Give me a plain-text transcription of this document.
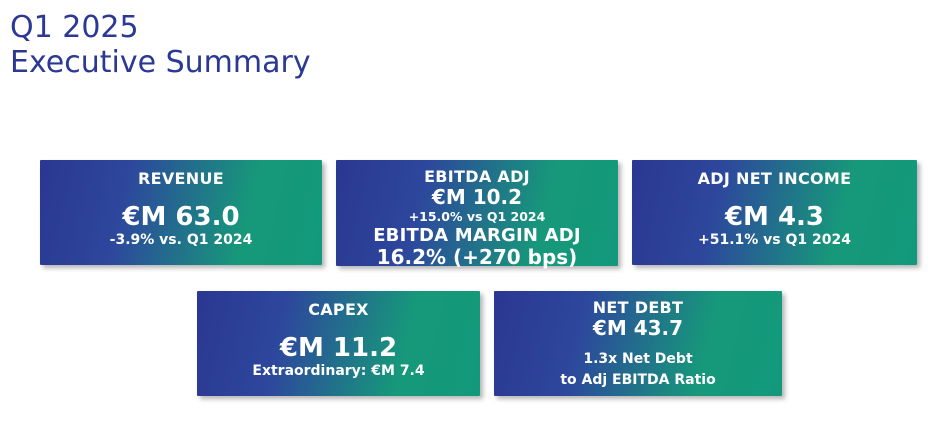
Q1 2025
Executive Summary
REVENUE
€M 63.0
-3.9% vs. Q1 2024
EBITDA ADJ
€M 10.2
+15.0% vs Q1 2024
EBITDA MARGIN ADJ
16.2% (+270 bps)
ADJ NET INCOME
€M 4.3
+51.1% vs Q1 2024
CAPEX
€M 11.2
Extraordinary: €M 7.4
NET DEBT
€M 43.7
1.3x Net Debt
to Adj EBITDA Ratio
